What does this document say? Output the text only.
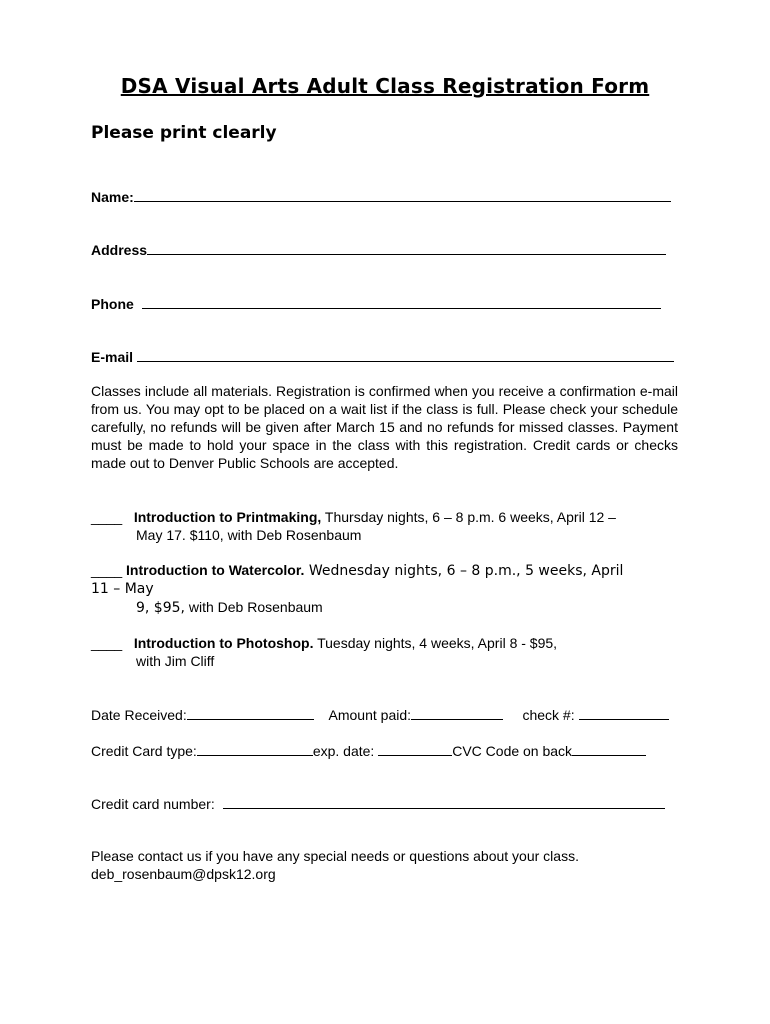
DSA Visual Arts Adult Class Registration Form
Please print clearly
Name:
Address
Phone
E-mail
Classes include all materials. Registration is confirmed when you receive a confirmation e-mail from us. You may opt to be placed on a wait list if the class is full. Please check your schedule carefully, no refunds will be given after March 15 and no refunds for missed classes. Payment must be made to hold your space in the class with this registration. Credit cards or checks made out to Denver Public Schools are accepted.
____ Introduction to Printmaking, Thursday nights, 6 – 8 p.m. 6 weeks, April 12 –
May 17. $110, with Deb Rosenbaum
____ Introduction to Watercolor. Wednesday nights, 6 – 8 p.m., 5 weeks, April
11 – May
9, $95, with Deb Rosenbaum
____ Introduction to Photoshop. Tuesday nights, 4 weeks, April 8 - $95,
with Jim Cliff
Date Received:	Amount paid:	check #:
Credit Card type:	exp. date:	CVC Code on back
Credit card number:
Please contact us if you have any special needs or questions about your class.
deb_rosenbaum@dpsk12.org
